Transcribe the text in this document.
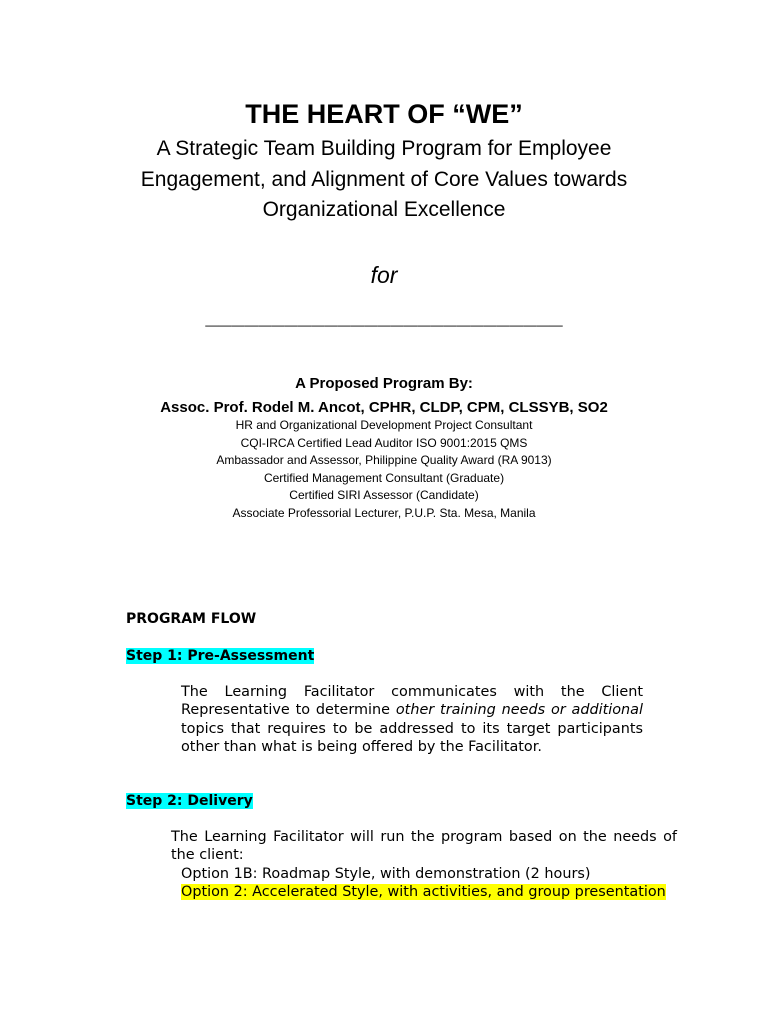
THE HEART OF “WE”
A Strategic Team Building Program for Employee
Engagement, and Alignment of Core Values towards
Organizational Excellence
for
___________________________
A Proposed Program By:
Assoc. Prof. Rodel M. Ancot, CPHR, CLDP, CPM, CLSSYB, SO2
HR and Organizational Development Project Consultant
CQI-IRCA Certified Lead Auditor ISO 9001:2015 QMS
Ambassador and Assessor, Philippine Quality Award (RA 9013)
Certified Management Consultant (Graduate)
Certified SIRI Assessor (Candidate)
Associate Professorial Lecturer, P.U.P. Sta. Mesa, Manila
PROGRAM FLOW
Step 1: Pre-Assessment
The Learning Facilitator communicates with the Client Representative to determine other training needs or additional topics that requires to be addressed to its target participants other than what is being offered by the Facilitator.
Step 2: Delivery
The Learning Facilitator will run the program based on the needs of the client:
Option 1B: Roadmap Style, with demonstration (2 hours)
Option 2: Accelerated Style, with activities, and group presentation
